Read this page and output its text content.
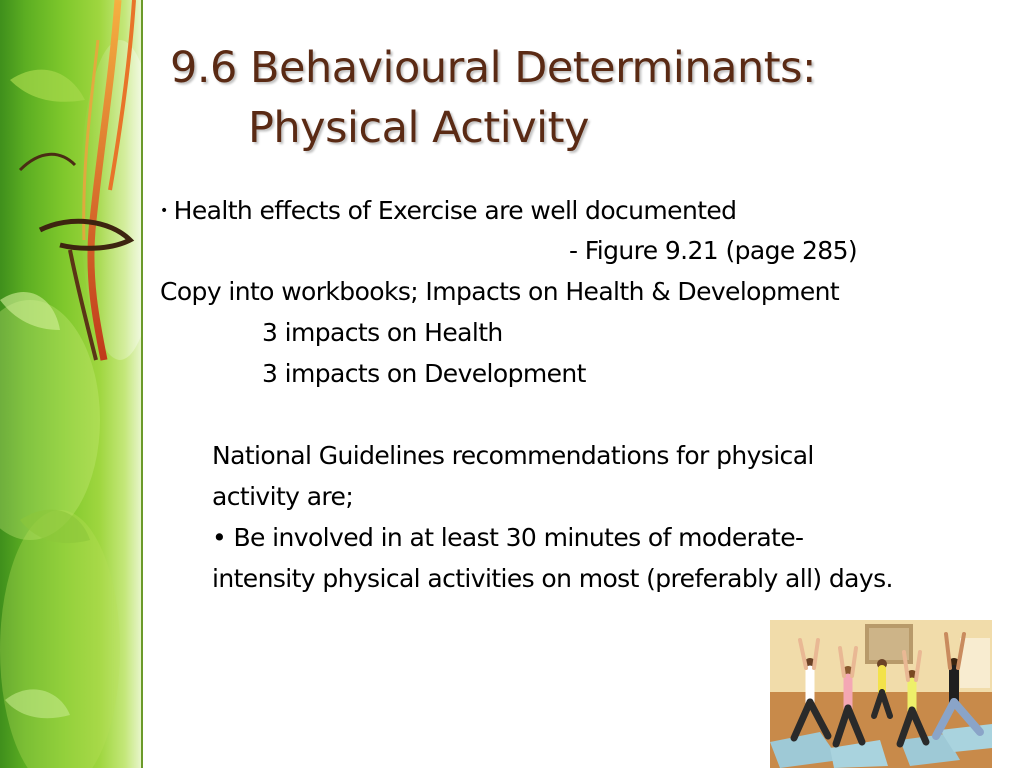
9.6 Behavioural Determinants:
Physical Activity
• Health effects of Exercise are well documented
- Figure 9.21 (page 285)
Copy into workbooks; Impacts on Health & Development
3 impacts on Health
3 impacts on Development
National Guidelines recommendations for physical
activity are;
• Be involved in at least 30 minutes of moderate-
intensity physical activities on most (preferably all) days.
